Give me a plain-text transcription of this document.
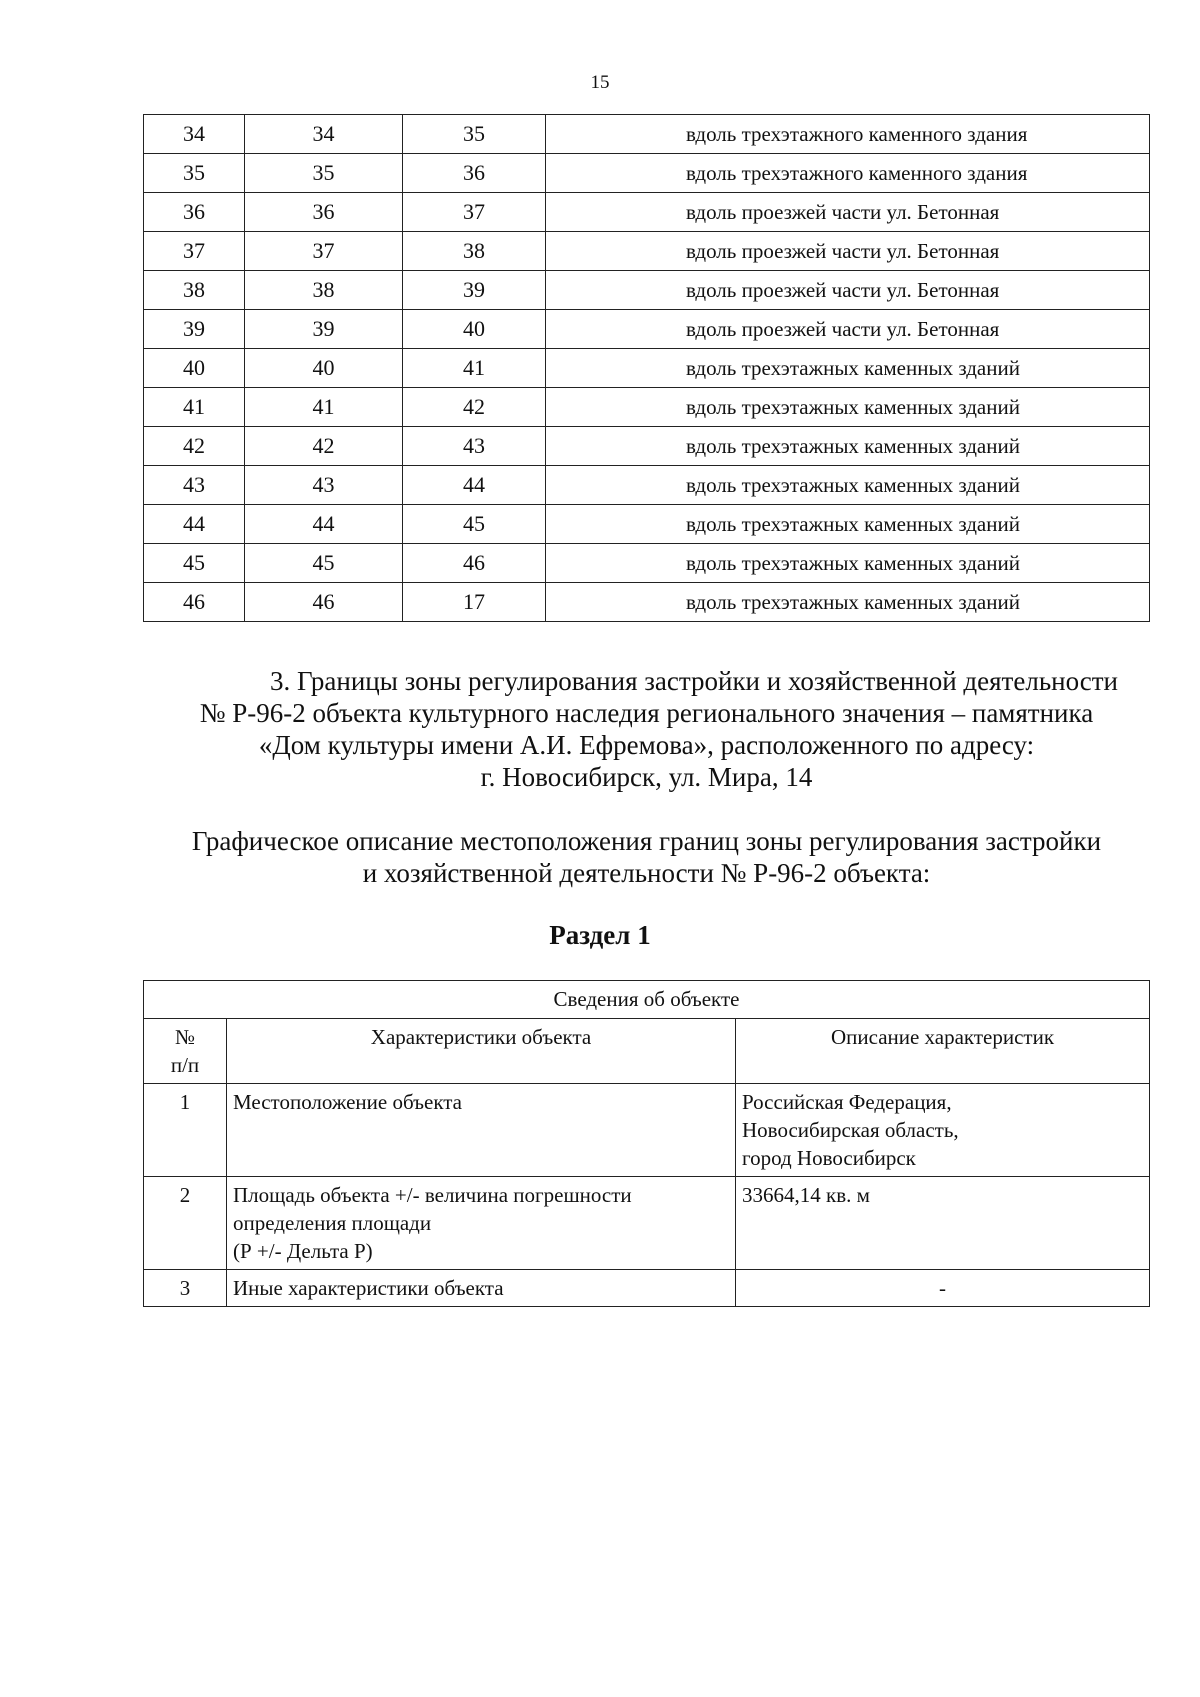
15
34	34	35	вдоль трехэтажного каменного здания
35	35	36	вдоль трехэтажного каменного здания
36	36	37	вдоль проезжей части ул. Бетонная
37	37	38	вдоль проезжей части ул. Бетонная
38	38	39	вдоль проезжей части ул. Бетонная
39	39	40	вдоль проезжей части ул. Бетонная
40	40	41	вдоль трехэтажных каменных зданий
41	41	42	вдоль трехэтажных каменных зданий
42	42	43	вдоль трехэтажных каменных зданий
43	43	44	вдоль трехэтажных каменных зданий
44	44	45	вдоль трехэтажных каменных зданий
45	45	46	вдоль трехэтажных каменных зданий
46	46	17	вдоль трехэтажных каменных зданий
3. Границы зоны регулирования застройки и хозяйственной деятельности
№ Р-96-2 объекта культурного наследия регионального значения – памятника
«Дом культуры имени А.И. Ефремова», расположенного по адресу:
г. Новосибирск, ул. Мира, 14
Графическое описание местоположения границ зоны регулирования застройки
и хозяйственной деятельности № Р-96-2 объекта:
Раздел 1
Сведения об объекте		

№
п/п	Характеристики объекта	Описание характеристик
1	Местоположение объекта	Российская Федерация,
Новосибирская область,
город Новосибирск

2	Площадь объекта +/- величина погрешности
определения площади
(Р +/- Дельта Р)	33664,14 кв. м

3	Иные характеристики объекта	-
